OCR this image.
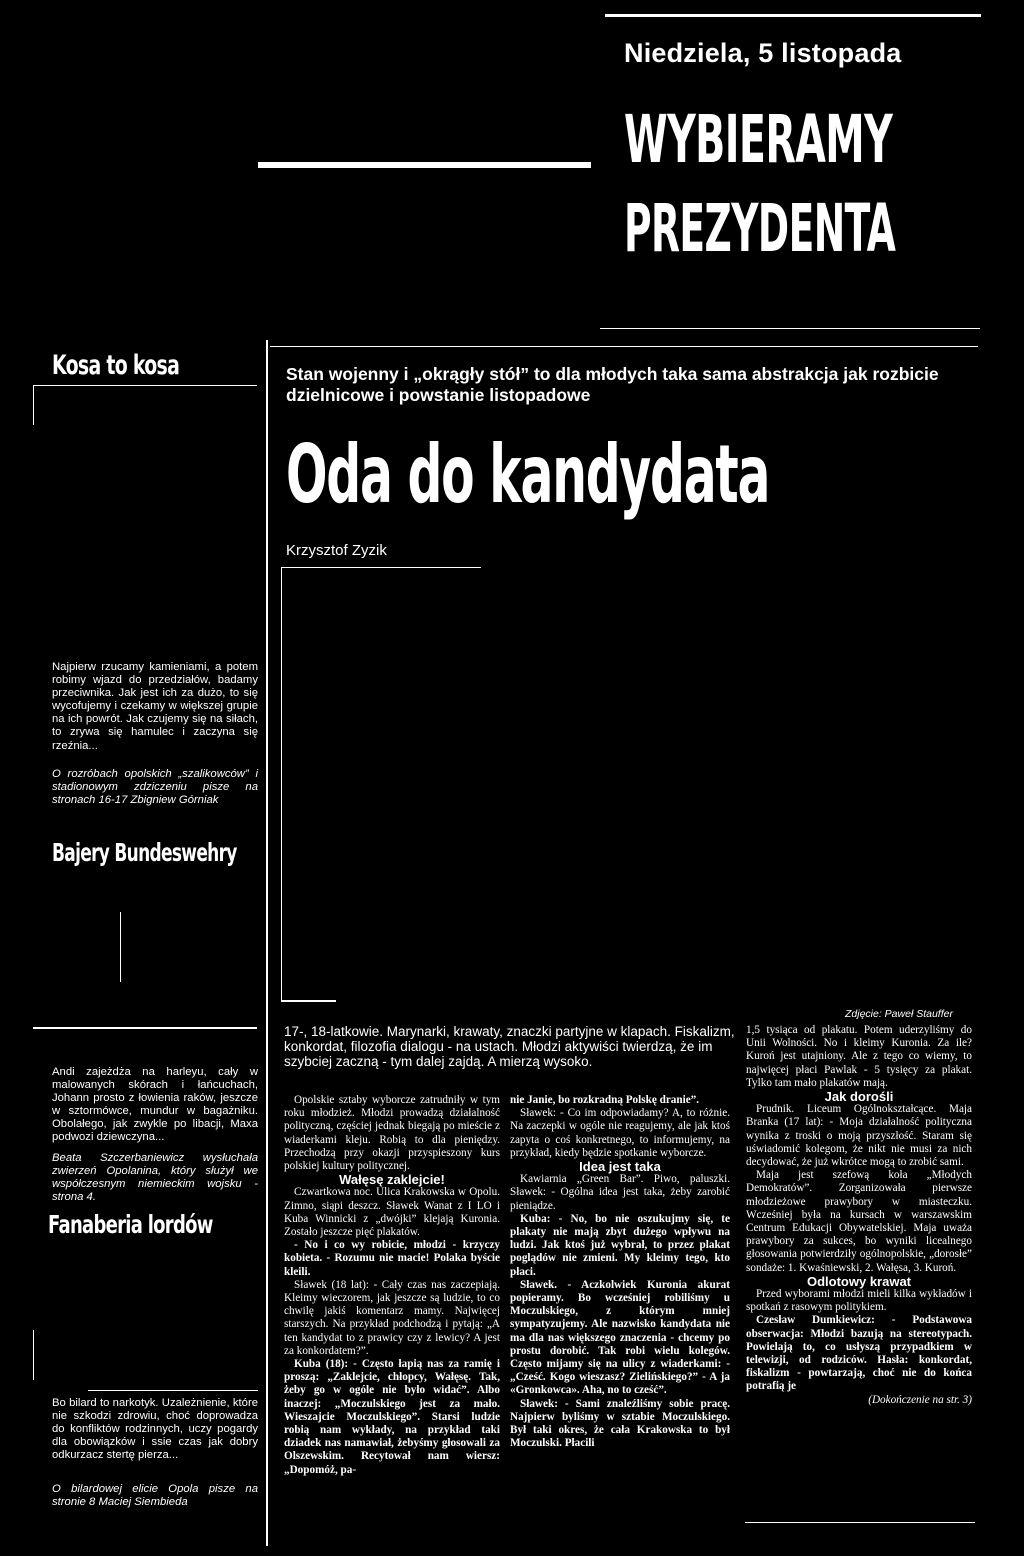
Niedziela, 5 listopada
WYBIERAMY
PREZYDENTA
Kosa to kosa

Najpierw rzucamy kamieniami, a potem robimy wjazd do przedziałów, badamy przeciwnika. Jak jest ich za dużo, to się wycofujemy i czekamy w większej grupie na ich powrót. Jak czujemy się na siłach, to zrywa się hamulec i zaczyna się rzeźnia...

O rozróbach opolskich „szalikowców” i stadionowym zdziczeniu pisze na stronach 16-17 Zbigniew Górniak

Bajery Bundeswehry

Andi zajeżdża na harleyu, cały w malowanych skórach i łańcuchach, Johann prosto z łowienia raków, jeszcze w sztormówce, mundur w bagażniku. Obolałego, jak zwykle po libacji, Maxa podwozi dziewczyna...

Beata Szczerbaniewicz wysłuchała zwierzeń Opolanina, który służył we współczesnym niemieckim wojsku - strona 4.

Fanaberia lordów

Bo bilard to narkotyk. Uzależnienie, które nie szkodzi zdrowiu, choć doprowadza do konfliktów rodzinnych, uczy pogardy dla obowiązków i ssie czas jak dobry odkurzacz stertę pierza...

O bilardowej elicie Opola pisze na stronie 8 Maciej Siembieda

Stan wojenny i „okrągły stół” to dla młodych taka sama abstrakcja jak rozbicie dzielnicowe i powstanie listopadowe
Oda do kandydata
Krzysztof Zyzik
Zdjęcie: Paweł Stauffer

17-, 18-latkowie. Marynarki, krawaty, znaczki partyjne w klapach. Fiskalizm, konkordat, filozofia dialogu - na ustach. Młodzi aktywiści twierdzą, że im szybciej zaczną - tym dalej zajdą. A mierzą wysoko.

Opolskie sztaby wyborcze zatrudniły w tym roku młodzież. Młodzi prowadzą działalność polityczną, częściej jednak biegają po mieście z wiaderkami kleju. Robią to dla pieniędzy. Przechodzą przy okazji przyspieszony kurs polskiej kultury politycznej.

Wałęsę zaklejcie!

Czwartkowa noc. Ulica Krakowska w Opolu. Zimno, siąpi deszcz. Sławek Wanat z I LO i Kuba Winnicki z „dwójki” klejają Kuronia. Zostało jeszcze pięć plakatów.

- No i co wy robicie, młodzi - krzyczy kobieta. - Rozumu nie macie! Polaka byście kleili.

Sławek (18 lat): - Cały czas nas zaczepiają. Kleimy wieczorem, jak jeszcze są ludzie, to co chwilę jakiś komentarz mamy. Najwięcej starszych. Na przykład podchodzą i pytają: „A ten kandydat to z prawicy czy z lewicy? A jest za konkordatem?”.

Kuba (18): - Często łapią nas za ramię i proszą: „Zaklejcie, chłopcy, Wałęsę. Tak, żeby go w ogóle nie było widać”. Albo inaczej: „Moczulskiego jest za mało. Wieszajcie Moczulskiego”. Starsi ludzie robią nam wykłady, na przykład taki dziadek nas namawiał, żebyśmy głosowali za Olszewskim. Recytował nam wiersz: „Dopomóż, pa-

nie Janie, bo rozkradną Polskę draniе”.

Sławek: - Co im odpowiadamy? A, to różnie. Na zaczepki w ogóle nie reagujemy, ale jak ktoś zapyta o coś konkretnego, to informujemy, na przykład, kiedy będzie spotkanie wyborcze.

Idea jest taka

Kawiarnia „Green Bar”. Piwo, paluszki. Sławek: - Ogólna idea jest taka, żeby zarobić pieniądze.

Kuba: - No, bo nie oszukujmy się, te plakaty nie mają zbyt dużego wpływu na ludzi. Jak ktoś już wybrał, to przez plakat poglądów nie zmieni. My kleimy tego, kto płaci.

Sławek. - Aczkolwiek Kuronia akurat popieramy. Bo wcześniej robiliśmy u Moczulskiego, z którym mniej sympatyzujemy. Ale nazwisko kandydata nie ma dla nas większego znaczenia - chcemy po prostu dorobić. Tak robi wielu kolegów. Często mijamy się na ulicy z wiaderkami: - „Cześć. Kogo wieszasz? Zielińskiego?” - A ja «Gronkowca». Aha, no to cześć”.

Sławek: - Sami znaleźliśmy sobie pracę. Najpierw byliśmy w sztabie Moczulskiego. Był taki okres, że cała Krakowska to był Moczulski. Płacili

1,5 tysiąca od plakatu. Potem uderzyliśmy do Unii Wolności. No i kleimy Kuronia. Za ile? Kuroń jest utajniony. Ale z tego co wiemy, to najwięcej płaci Pawlak - 5 tysięcy za plakat. Tylko tam mało plakatów mają.

Jak dorośli

Prudnik. Liceum Ogólnokształcące. Maja Branka (17 lat): - Moja działalność polityczna wynika z troski o moją przyszłość. Staram się uświadomić kolegom, że nikt nie musi za nich decydować, że już wkrótce mogą to zrobić sami.

Maja jest szefową koła „Młodych Demokratów”. Zorganizowała pierwsze młodzieżowe prawybory w miasteczku. Wcześniej była na kursach w warszawskim Centrum Edukacji Obywatelskiej. Maja uważa prawybory za sukces, bo wyniki licealnego głosowania potwierdziły ogólnopolskie, „dorosłe” sondaże: 1. Kwaśniewski, 2. Wałęsa, 3. Kuroń.

Odlotowy krawat

Przed wyborami młodzi mieli kilka wykładów i spotkań z rasowym politykiem.

Czesław Dumkiewicz: - Podstawowa obserwacja: Młodzi bazują na stereotypach. Powielają to, co usłyszą przypadkiem w telewizji, od rodziców. Hasła: konkordat, fiskalizm - powtarzają, choć nie do końca potrafią je

(Dokończenie na str. 3)
